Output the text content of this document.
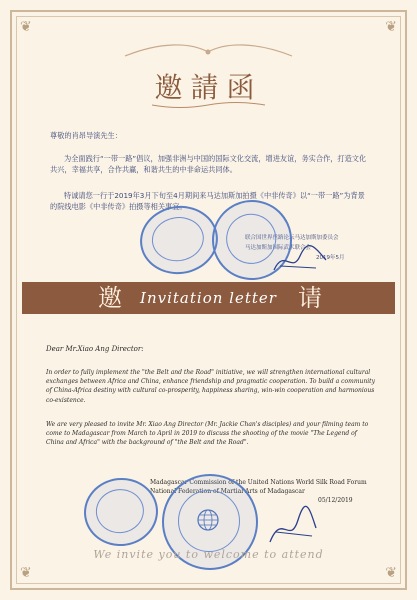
❦	❦
❦	❦
邀請函
尊敬的肖昂导演先生：
为全面践行“一带一路”倡议，加强非洲与中国的国际文化交流，增进友谊，务实合作，打造文化共兴，幸福共享，合作共赢，和谐共生的中非命运共同体。
特诚请您一行于2019年3月下旬至4月期间来马达加斯加拍摄《中非传奇》以“一带一路”为背景的院线电影《中非传奇》拍摄等相关事宜。
联合国世界丝路论坛马达加斯加委员会
马达加斯加国际武术联合会
2019年5月
邀	Invitation letter 请
Dear Mr.Xiao Ang Director:
In order to fully implement the "the Belt and the Road" initiative, we will strengthen international cultural exchanges between Africa and China, enhance friendship and pragmatic cooperation. To build a community of China-Africa destiny with cultural co-prosperity, happiness sharing, win-win cooperation and harmonious co-existence.
We are very pleased to invite Mr. Xiao Ang Director (Mr. Jackie Chan's disciples) and your filming team to come to Madagascar from March to April in 2019 to discuss the shooting of the movie "The Legend of China and Africa" with the background of "the Belt and the Road".
Madagascar Commission of the United Nations World Silk Road Forum
National Federation of Martial Arts of Madagascar
05/12/2019
We invite you to welcome to attend
